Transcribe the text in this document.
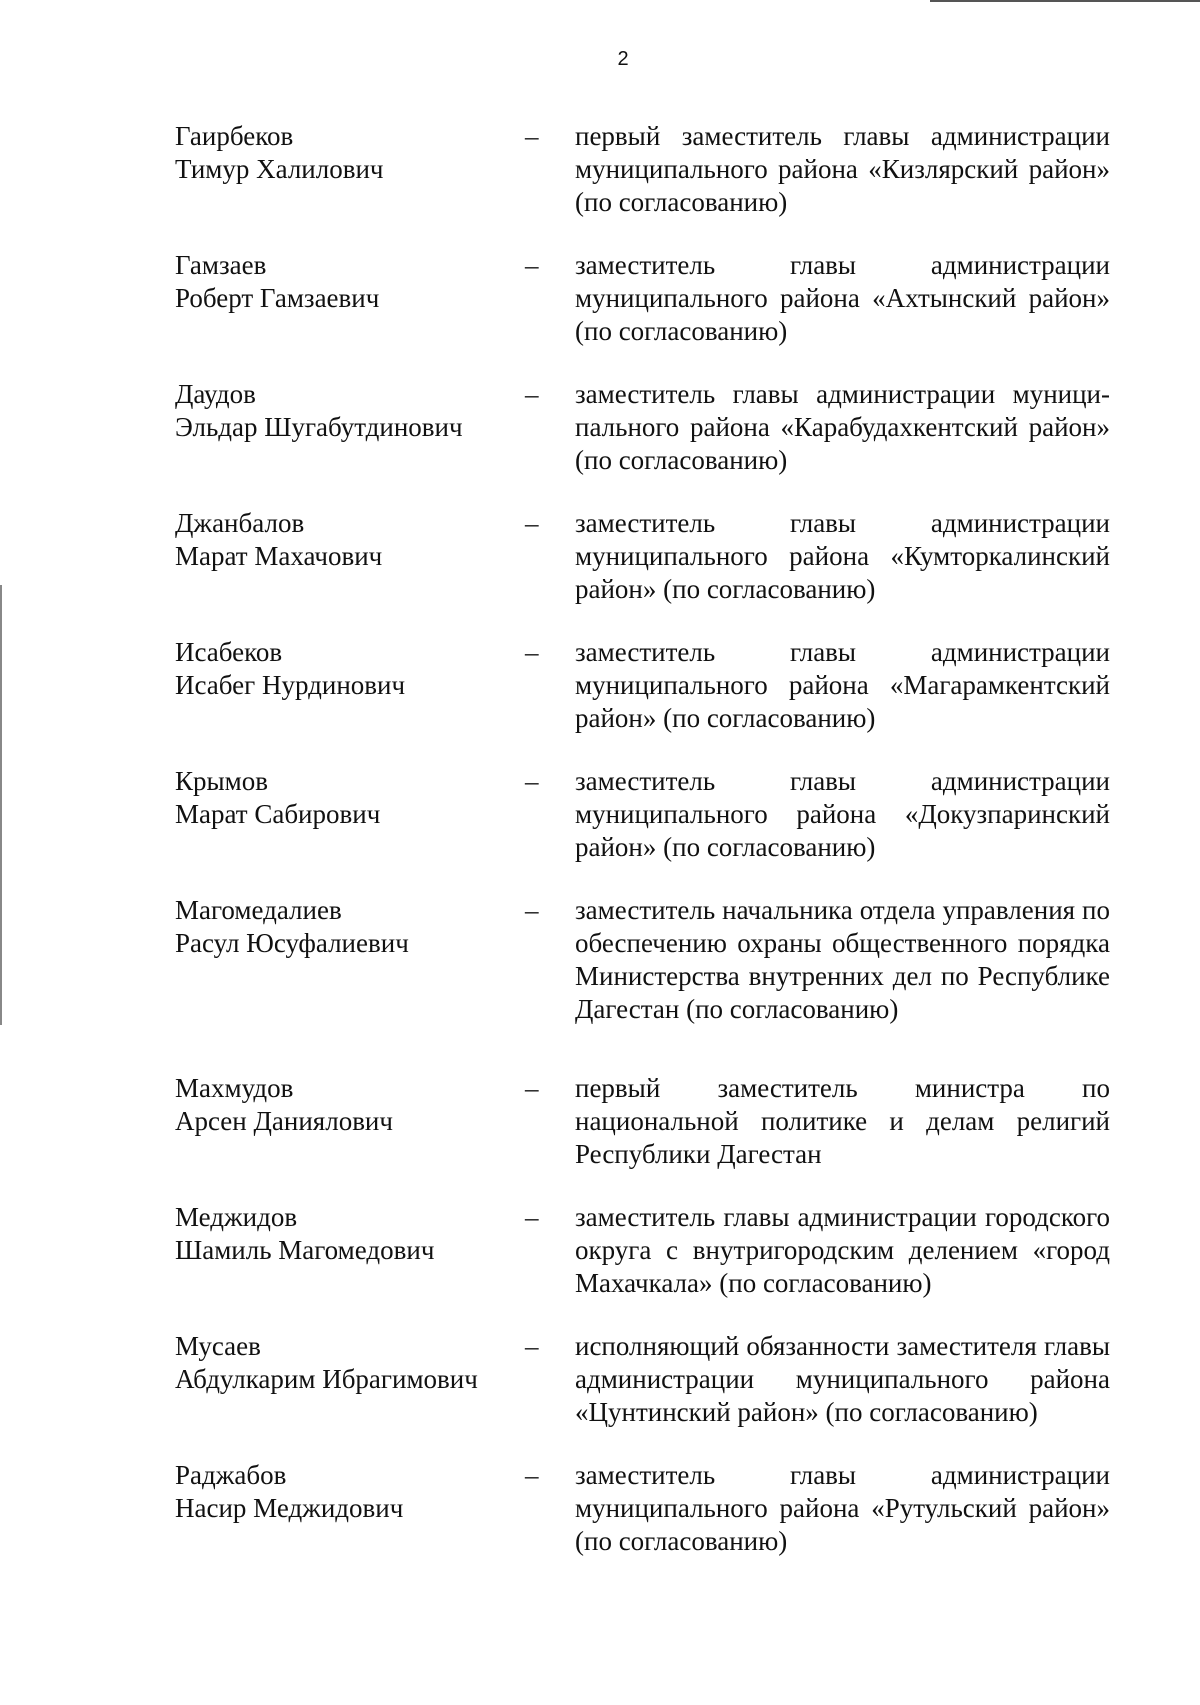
2
Гаирбеков
Тимур Халилович
–	первый заместитель главы администрации муниципального района «Кизлярский район» (по согласованию)
Гамзаев
Роберт Гамзаевич
–	заместитель главы администрации муниципального района «Ахтынский район» (по согласованию)
Даудов
Эльдар Шугабутдинович
–	заместитель главы администрации муниципального района «Карабудахкентский район» (по согласованию)
Джанбалов
Марат Махачович
–	заместитель главы администрации муниципального района «Кумторкалинский район» (по согласованию)
Исабеков
Исабег Нурдинович
–	заместитель главы администрации муниципального района «Магарамкентский район» (по согласованию)
Крымов
Марат Сабирович
–	заместитель главы администрации муниципального района «Докузпаринский район» (по согласованию)
Магомедалиев
Расул Юсуфалиевич
–	заместитель начальника отдела управления по обеспечению охраны общественного порядка Министерства внутренних дел по Республике Дагестан (по согласованию)
Махмудов
Арсен Даниялович
–	первый заместитель министра по национальной политике и делам религий Республики Дагестан
Меджидов
Шамиль Магомедович
–	заместитель главы администрации городского округа с внутригородским делением «город Махачкала» (по согласованию)
Мусаев
Абдулкарим Ибрагимович
–	исполняющий обязанности заместителя главы администрации муниципального района «Цунтинский район» (по согласованию)
Раджабов
Насир Меджидович
–	заместитель главы администрации муниципального района «Рутульский район» (по согласованию)
